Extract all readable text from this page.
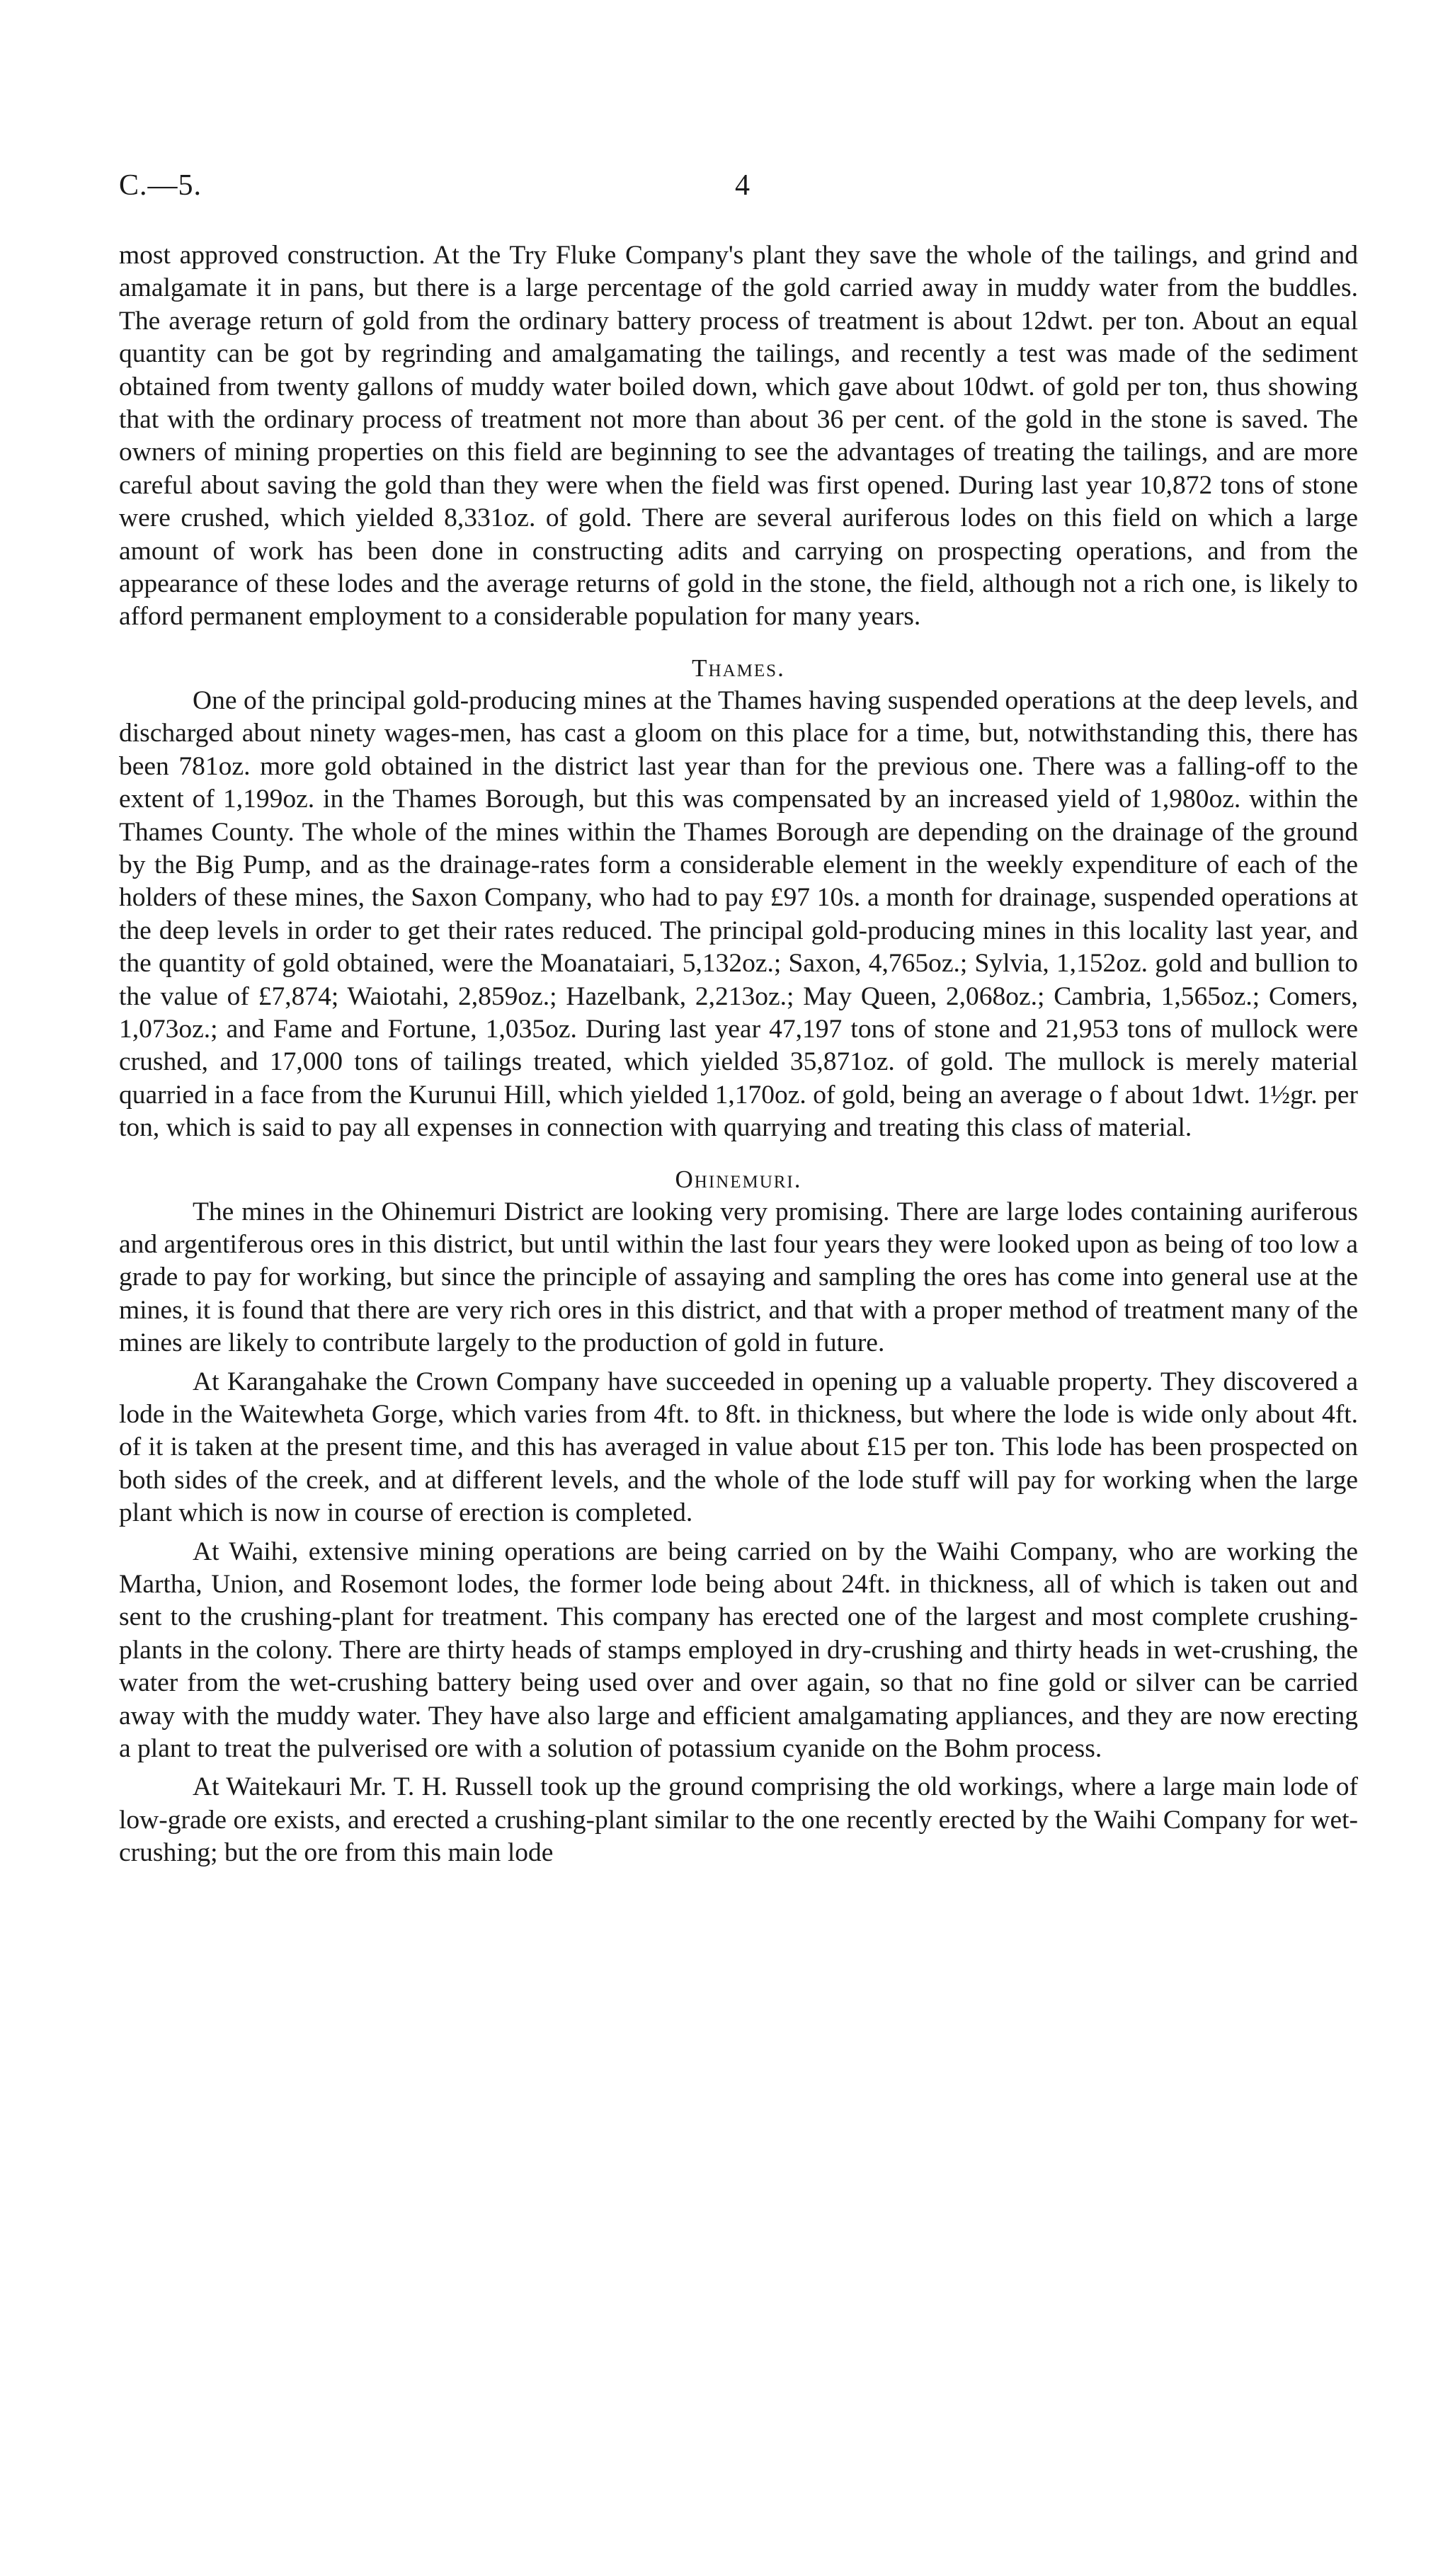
C.—5.	4

most approved construction. At the Try Fluke Company's plant they save the whole of the tailings, and grind and amalgamate it in pans, but there is a large percentage of the gold carried away in muddy water from the buddles. The average return of gold from the ordinary battery process of treatment is about 12dwt. per ton. About an equal quantity can be got by regrinding and amalgamating the tailings, and recently a test was made of the sediment obtained from twenty gallons of muddy water boiled down, which gave about 10dwt. of gold per ton, thus showing that with the ordinary process of treatment not more than about 36 per cent. of the gold in the stone is saved. The owners of mining properties on this field are beginning to see the advantages of treating the tailings, and are more careful about saving the gold than they were when the field was first opened. During last year 10,872 tons of stone were crushed, which yielded 8,331oz. of gold. There are several auriferous lodes on this field on which a large amount of work has been done in constructing adits and carrying on prospecting operations, and from the appearance of these lodes and the average returns of gold in the stone, the field, although not a rich one, is likely to afford permanent employment to a considerable population for many years.

Thames.

One of the principal gold-producing mines at the Thames having suspended operations at the deep levels, and discharged about ninety wages-men, has cast a gloom on this place for a time, but, notwithstanding this, there has been 781oz. more gold obtained in the district last year than for the previous one. There was a falling-off to the extent of 1,199oz. in the Thames Borough, but this was compensated by an increased yield of 1,980oz. within the Thames County. The whole of the mines within the Thames Borough are depending on the drainage of the ground by the Big Pump, and as the drainage-rates form a considerable element in the weekly expenditure of each of the holders of these mines, the Saxon Company, who had to pay £97 10s. a month for drainage, suspended operations at the deep levels in order to get their rates reduced. The principal gold-producing mines in this locality last year, and the quantity of gold obtained, were the Moanataiari, 5,132oz.; Saxon, 4,765oz.; Sylvia, 1,152oz. gold and bullion to the value of £7,874; Waiotahi, 2,859oz.; Hazelbank, 2,213oz.; May Queen, 2,068oz.; Cambria, 1,565oz.; Comers, 1,073oz.; and Fame and Fortune, 1,035oz. During last year 47,197 tons of stone and 21,953 tons of mullock were crushed, and 17,000 tons of tailings treated, which yielded 35,871oz. of gold. The mullock is merely material quarried in a face from the Kurunui Hill, which yielded 1,170oz. of gold, being an average o f about 1dwt. 1½gr. per ton, which is said to pay all expenses in connection with quarrying and treating this class of material.

Ohinemuri.

The mines in the Ohinemuri District are looking very promising. There are large lodes containing auriferous and argentiferous ores in this district, but until within the last four years they were looked upon as being of too low a grade to pay for working, but since the principle of assaying and sampling the ores has come into general use at the mines, it is found that there are very rich ores in this district, and that with a proper method of treatment many of the mines are likely to contribute largely to the production of gold in future.

At Karangahake the Crown Company have succeeded in opening up a valuable property. They discovered a lode in the Waitewheta Gorge, which varies from 4ft. to 8ft. in thickness, but where the lode is wide only about 4ft. of it is taken at the present time, and this has averaged in value about £15 per ton. This lode has been prospected on both sides of the creek, and at different levels, and the whole of the lode stuff will pay for working when the large plant which is now in course of erection is completed.

At Waihi, extensive mining operations are being carried on by the Waihi Company, who are working the Martha, Union, and Rosemont lodes, the former lode being about 24ft. in thickness, all of which is taken out and sent to the crushing-plant for treatment. This company has erected one of the largest and most complete crushing-plants in the colony. There are thirty heads of stamps employed in dry-crushing and thirty heads in wet-crushing, the water from the wet-crushing battery being used over and over again, so that no fine gold or silver can be carried away with the muddy water. They have also large and efficient amalgamating appliances, and they are now erecting a plant to treat the pulverised ore with a solution of potassium cyanide on the Bohm process.

At Waitekauri Mr. T. H. Russell took up the ground comprising the old workings, where a large main lode of low-grade ore exists, and erected a crushing-plant similar to the one recently erected by the Waihi Company for wet-crushing; but the ore from this main lode
